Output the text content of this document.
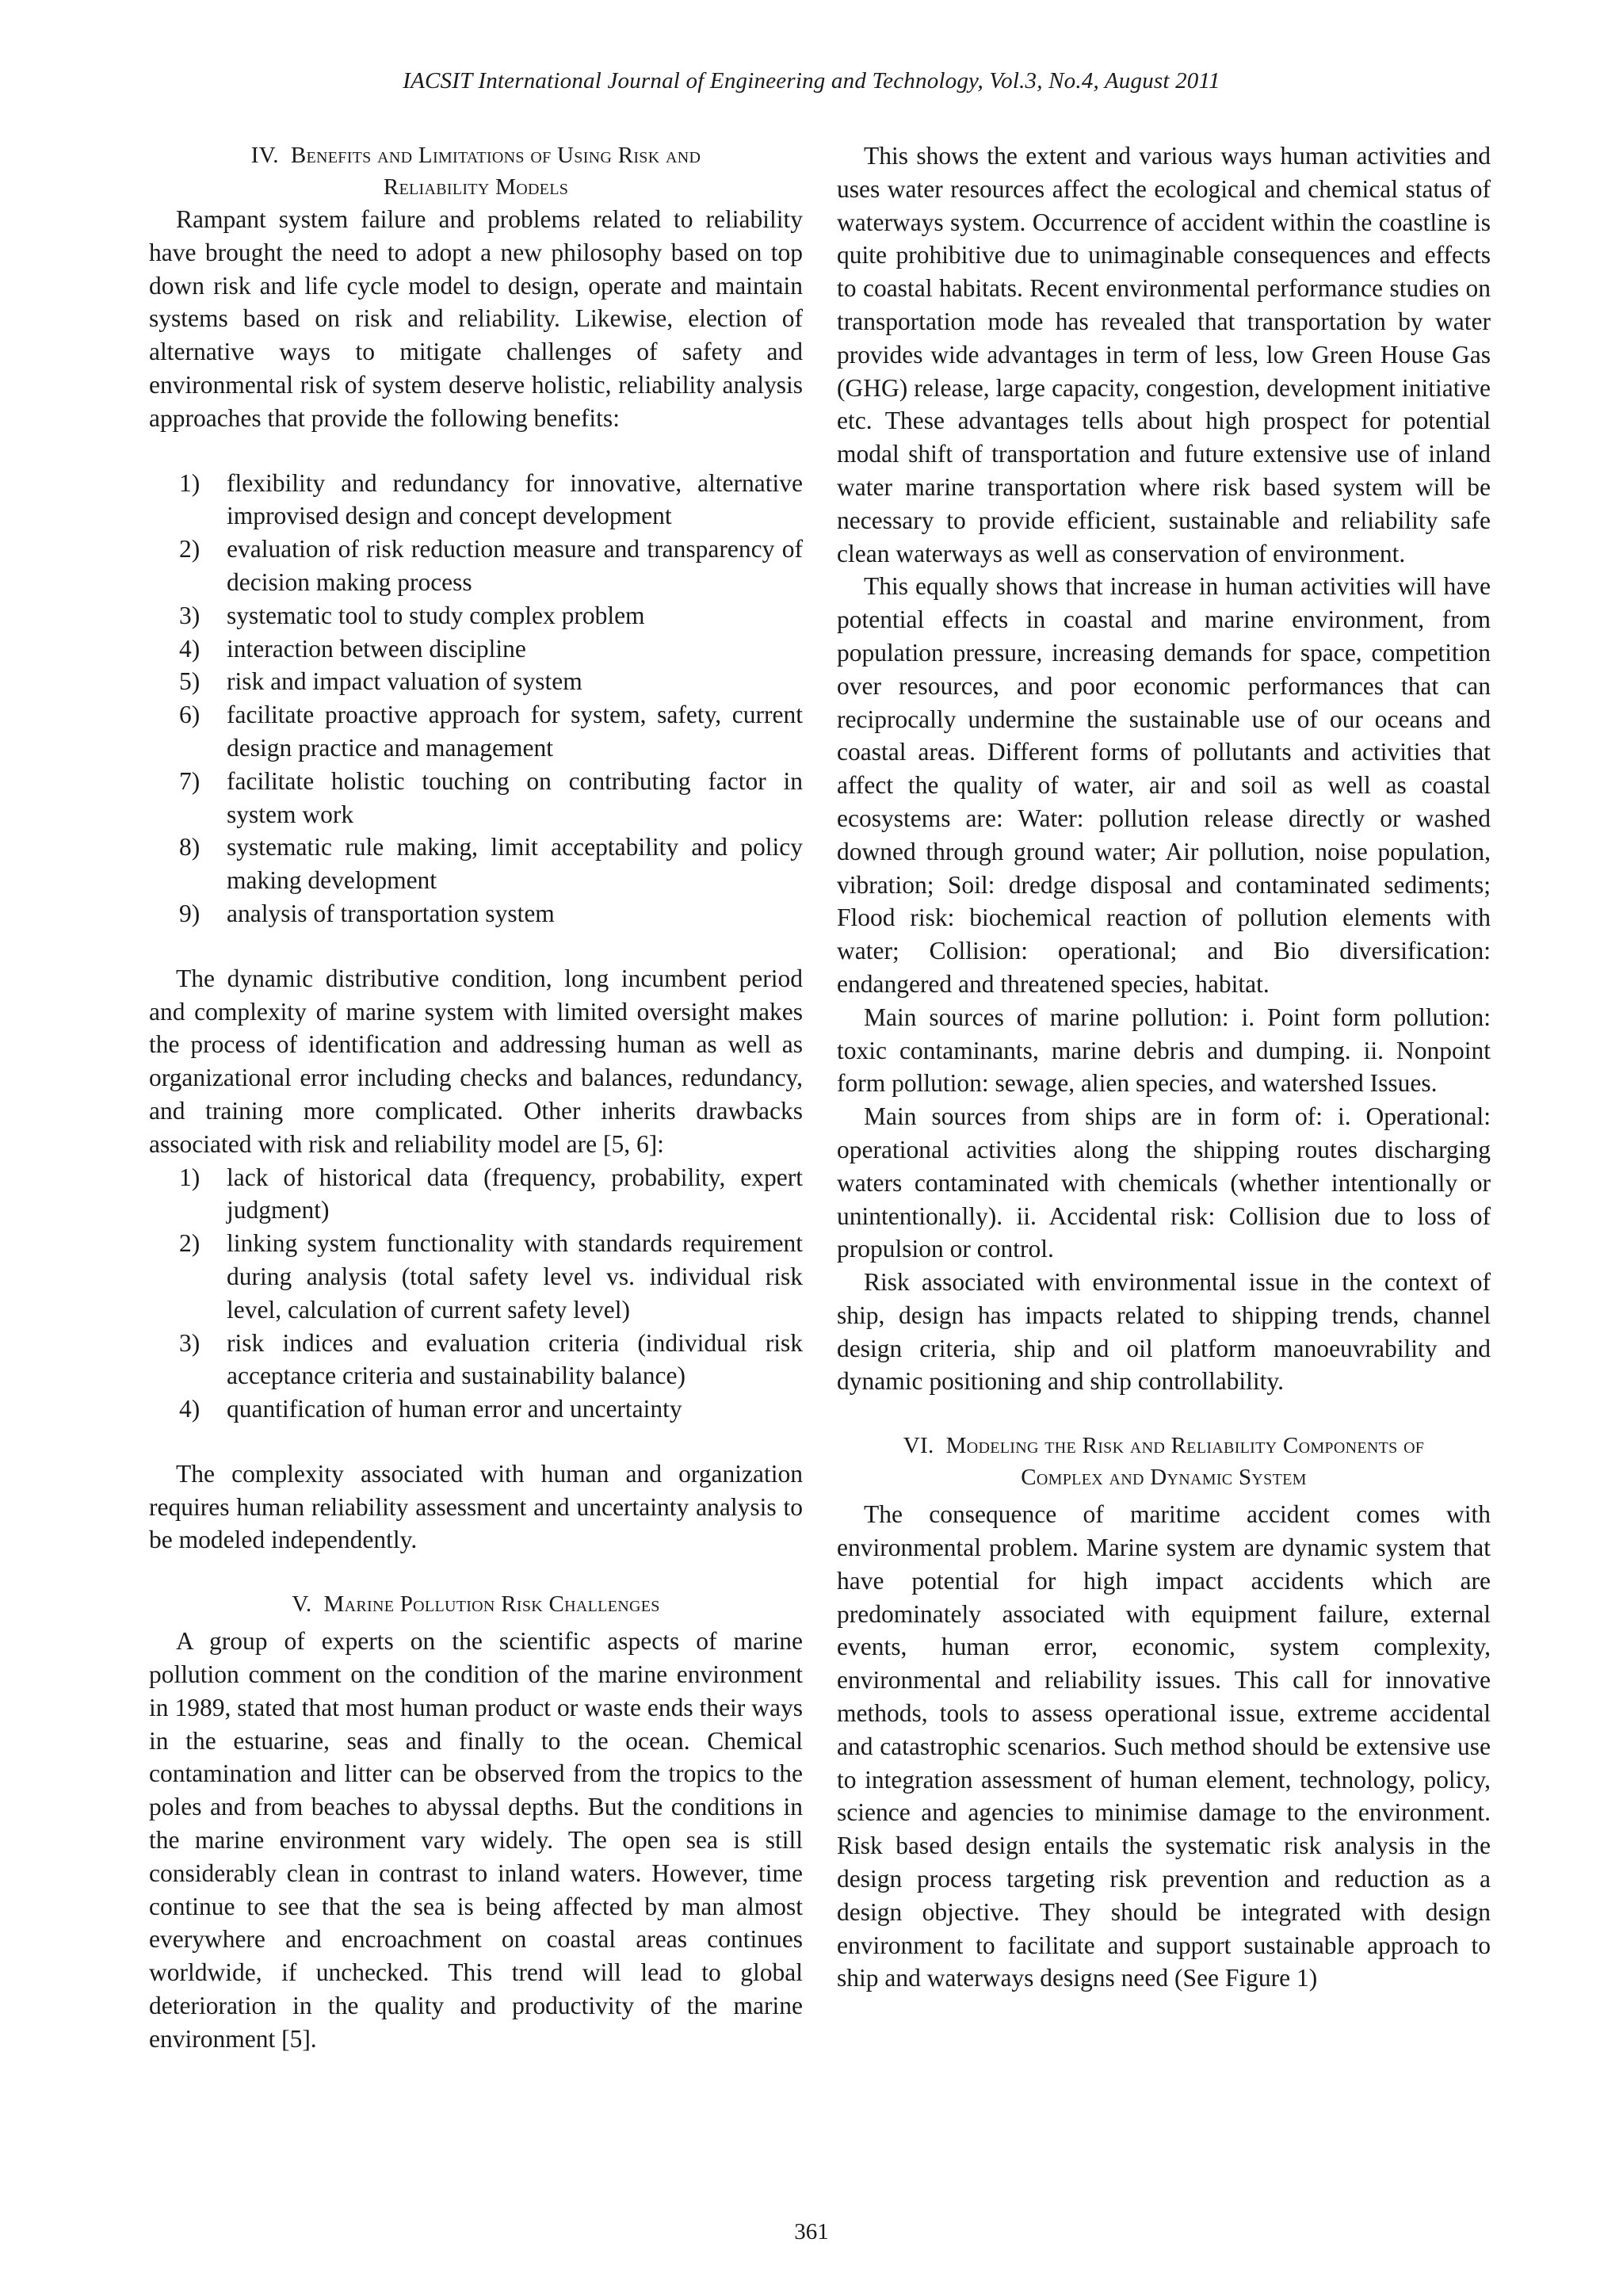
IACSIT International Journal of Engineering and Technology, Vol.3, No.4, August 2011
IV. Benefits and Limitations of Using Risk and
Reliability Models

Rampant system failure and problems related to reliability have brought the need to adopt a new philosophy based on top down risk and life cycle model to design, operate and maintain systems based on risk and reliability. Likewise, election of alternative ways to mitigate challenges of safety and environmental risk of system deserve holistic, reliability analysis approaches that provide the following benefits:

1) flexibility and redundancy for innovative, alternative improvised design and concept development
2) evaluation of risk reduction measure and transparency of decision making process
3) systematic tool to study complex problem
4) interaction between discipline
5) risk and impact valuation of system
6) facilitate proactive approach for system, safety, current design practice and management
7) facilitate holistic touching on contributing factor in system work
8) systematic rule making, limit acceptability and policy making development
9) analysis of transportation system

The dynamic distributive condition, long incumbent period and complexity of marine system with limited oversight makes the process of identification and addressing human as well as organizational error including checks and balances, redundancy, and training more complicated. Other inherits drawbacks associated with risk and reliability model are [5, 6]:

1) lack of historical data (frequency, probability, expert judgment)
2) linking system functionality with standards requirement during analysis (total safety level vs. individual risk level, calculation of current safety level)
3) risk indices and evaluation criteria (individual risk acceptance criteria and sustainability balance)
4) quantification of human error and uncertainty

The complexity associated with human and organization requires human reliability assessment and uncertainty analysis to be modeled independently.

V. Marine Pollution Risk Challenges

A group of experts on the scientific aspects of marine pollution comment on the condition of the marine environment in 1989, stated that most human product or waste ends their ways in the estuarine, seas and finally to the ocean. Chemical contamination and litter can be observed from the tropics to the poles and from beaches to abyssal depths. But the conditions in the marine environment vary widely. The open sea is still considerably clean in contrast to inland waters. However, time continue to see that the sea is being affected by man almost everywhere and encroachment on coastal areas continues worldwide, if unchecked. This trend will lead to global deterioration in the quality and productivity of the marine environment [5].

This shows the extent and various ways human activities and uses water resources affect the ecological and chemical status of waterways system. Occurrence of accident within the coastline is quite prohibitive due to unimaginable consequences and effects to coastal habitats. Recent environmental performance studies on transportation mode has revealed that transportation by water provides wide advantages in term of less, low Green House Gas (GHG) release, large capacity, congestion, development initiative etc. These advantages tells about high prospect for potential modal shift of transportation and future extensive use of inland water marine transportation where risk based system will be necessary to provide efficient, sustainable and reliability safe clean waterways as well as conservation of environment.

This equally shows that increase in human activities will have potential effects in coastal and marine environment, from population pressure, increasing demands for space, competition over resources, and poor economic performances that can reciprocally undermine the sustainable use of our oceans and coastal areas. Different forms of pollutants and activities that affect the quality of water, air and soil as well as coastal ecosystems are: Water: pollution release directly or washed downed through ground water; Air pollution, noise population, vibration; Soil: dredge disposal and contaminated sediments; Flood risk: biochemical reaction of pollution elements with water; Collision: operational; and Bio diversification: endangered and threatened species, habitat.

Main sources of marine pollution: i. Point form pollution: toxic contaminants, marine debris and dumping. ii. Nonpoint form pollution: sewage, alien species, and watershed Issues.

Main sources from ships are in form of: i. Operational: operational activities along the shipping routes discharging waters contaminated with chemicals (whether intentionally or unintentionally). ii. Accidental risk: Collision due to loss of propulsion or control.

Risk associated with environmental issue in the context of ship, design has impacts related to shipping trends, channel design criteria, ship and oil platform manoeuvrability and dynamic positioning and ship controllability.

VI. Modeling the Risk and Reliability Components of
Complex and Dynamic System

The consequence of maritime accident comes with environmental problem. Marine system are dynamic system that have potential for high impact accidents which are predominately associated with equipment failure, external events, human error, economic, system complexity, environmental and reliability issues. This call for innovative methods, tools to assess operational issue, extreme accidental and catastrophic scenarios. Such method should be extensive use to integration assessment of human element, technology, policy, science and agencies to minimise damage to the environment. Risk based design entails the systematic risk analysis in the design process targeting risk prevention and reduction as a design objective. They should be integrated with design environment to facilitate and support sustainable approach to ship and waterways designs need (See Figure 1)

361
